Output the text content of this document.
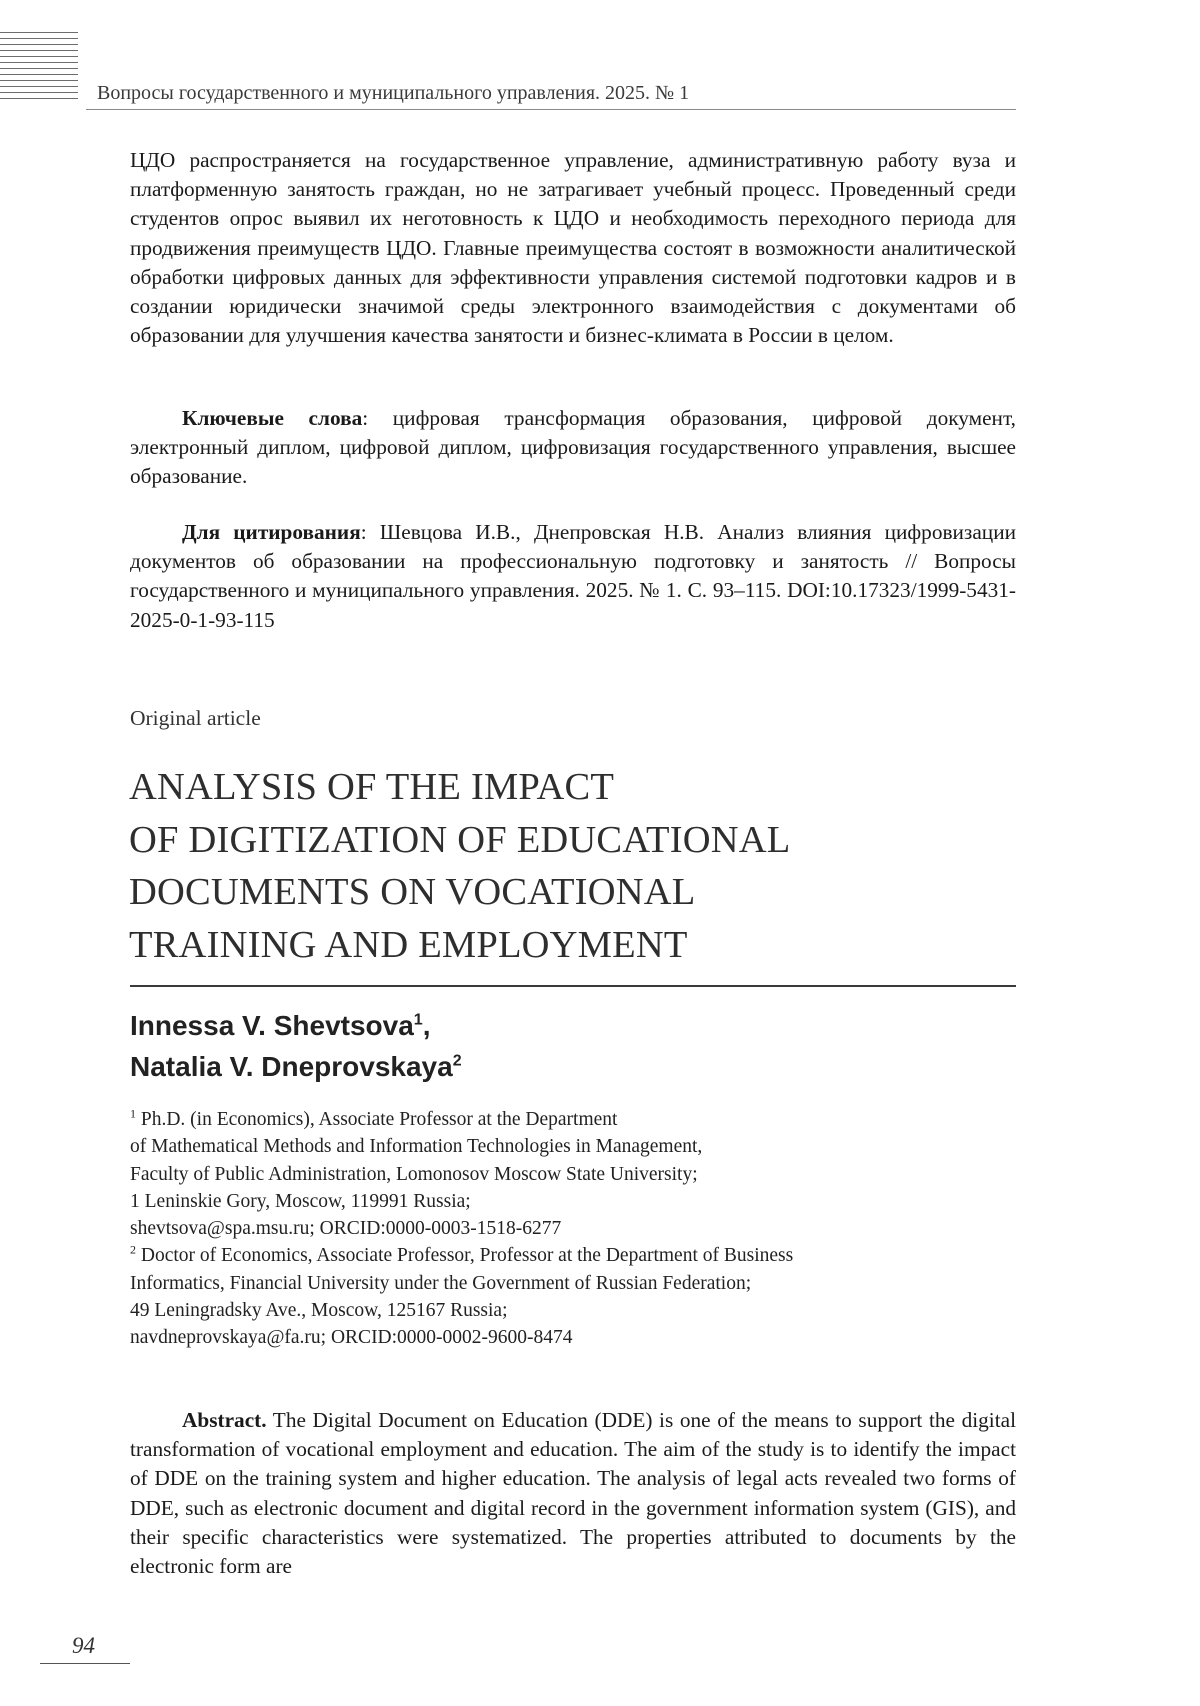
Вопросы государственного и муниципального управления. 2025. № 1

ЦДО распространяется на государственное управление, административную работу вуза и платформенную занятость граждан, но не затрагивает учебный процесс. Проведенный среди студентов опрос выявил их неготовность к ЦДО и необходимость переходного периода для продвижения преимуществ ЦДО. Главные преимущества состоят в возможности аналитической обработки цифровых данных для эффективности управления системой подготовки кадров и в создании юридически значимой среды электронного взаимодействия с документами об образовании для улучшения качества занятости и бизнес-климата в России в целом.

Ключевые слова: цифровая трансформация образования, цифровой документ, электронный диплом, цифровой диплом, цифровизация государственного управления, высшее образование.

Для цитирования: Шевцова И.В., Днепровская Н.В. Анализ влияния цифровизации документов об образовании на профессиональную подготовку и занятость // Вопросы государственного и муниципального управления. 2025. № 1. С. 93–115. DOI:10.17323/1999-5431-2025-0-1-93-115

Original article
ANALYSIS OF THE IMPACT
OF DIGITIZATION OF EDUCATIONAL
DOCUMENTS ON VOCATIONAL
TRAINING AND EMPLOYMENT
Innessa V. Shevtsova$^1$,
Natalia V. Dneprovskaya$^2$
$^1$ Ph.D. (in Economics), Associate Professor at the Department
of Mathematical Methods and Information Technologies in Management,
Faculty of Public Administration, Lomonosov Moscow State University;
1 Leninskie Gory, Moscow, 119991 Russia;
shevtsova@spa.msu.ru; ORCID:0000-0003-1518-6277
$^2$ Doctor of Economics, Associate Professor, Professor at the Department of Business
Informatics, Financial University under the Government of Russian Federation;
49 Leningradsky Ave., Moscow, 125167 Russia;
navdneprovskaya@fa.ru; ORCID:0000-0002-9600-8474

Abstract. The Digital Document on Education (DDE) is one of the means to support the digital transformation of vocational employment and education. The aim of the study is to identify the impact of DDE on the training system and higher education. The analysis of legal acts revealed two forms of DDE, such as electronic document and digital record in the government information system (GIS), and their specific characteristics were systematized. The properties attributed to documents by the electronic form are

94
